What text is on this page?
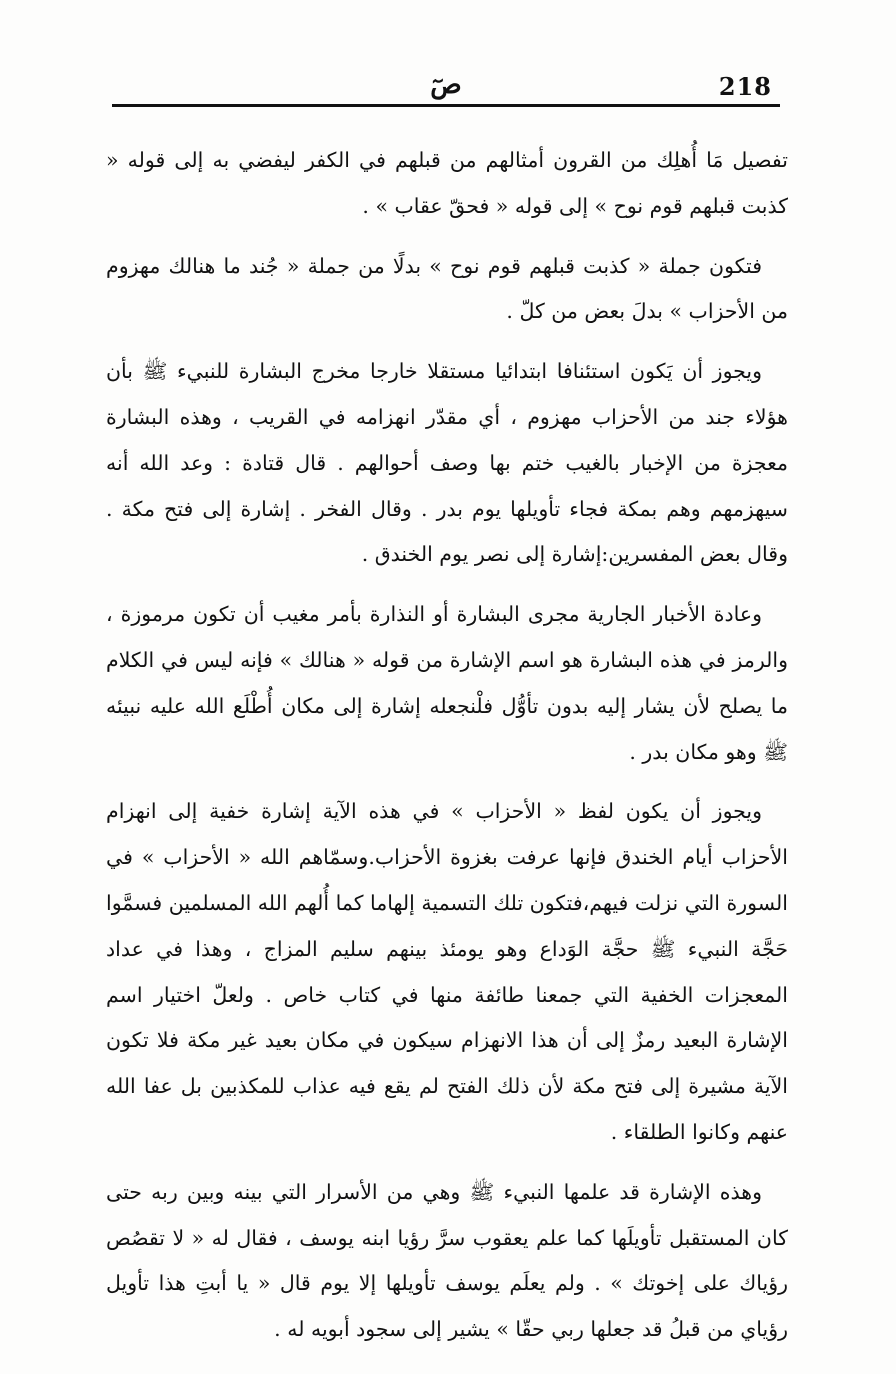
218
صٓ

تفصيل مَا أُهلِك من القرون أمثالهم من قبلهم في الكفر ليفضي به إلى قوله « كذبت قبلهم قوم نوح » إلى قوله « فحقّ عقاب » .

فتكون جملة « كذبت قبلهم قوم نوح » بدلًا من جملة « جُند ما هنالك مهزوم من الأحزاب » بدلَ بعض من كلّ .

ويجوز أن يَكون استئنافا ابتدائيا مستقلا خارجا مخرج البشارة للنبيء ﷺ بأن هؤلاء جند من الأحزاب مهزوم ، أي مقدّر انهزامه في القريب ، وهذه البشارة معجزة من الإخبار بالغيب ختم بها وصف أحوالهم . قال قتادة : وعد الله أنه سيهزمهم وهم بمكة فجاء تأويلها يوم بدر . وقال الفخر . إشارة إلى فتح مكة . وقال بعض المفسرين:إشارة إلى نصر يوم الخندق .

وعادة الأخبار الجارية مجرى البشارة أو النذارة بأمر مغيب أن تكون مرموزة ، والرمز في هذه البشارة هو اسم الإشارة من قوله « هنالك » فإنه ليس في الكلام ما يصلح لأن يشار إليه بدون تأوُّل فلْنجعله إشارة إلى مكان أُطْلَع الله عليه نبيئه ﷺ وهو مكان بدر .

ويجوز أن يكون لفظ « الأحزاب » في هذه الآية إشارة خفية إلى انهزام الأحزاب أيام الخندق فإنها عرفت بغزوة الأحزاب.وسمّاهم الله « الأحزاب » في السورة التي نزلت فيهم،فتكون تلك التسمية إلهاما كما أُلهم الله المسلمين فسمَّوا حَجَّة النبيء ﷺ حجَّة الوَداع وهو يومئذ بينهم سليم المزاج ، وهذا في عداد المعجزات الخفية التي جمعنا طائفة منها في كتاب خاص . ولعلّ اختيار اسم الإشارة البعيد رمزٌ إلى أن هذا الانهزام سيكون في مكان بعيد غير مكة فلا تكون الآية مشيرة إلى فتح مكة لأن ذلك الفتح لم يقع فيه عذاب للمكذبين بل عفا الله عنهم وكانوا الطلقاء .

وهذه الإشارة قد علمها النبيء ﷺ وهي من الأسرار التي بينه وبين ربه حتى كان المستقبل تأويلَها كما علم يعقوب سرَّ رؤيا ابنه يوسف ، فقال له « لا تقصُص رؤياك على إخوتك » . ولم يعلَم يوسف تأويلها إلا يوم قال « يا أبتِ هذا تأويل رؤياي من قبلُ قد جعلها ربي حقّا » يشير إلى سجود أبويه له .
